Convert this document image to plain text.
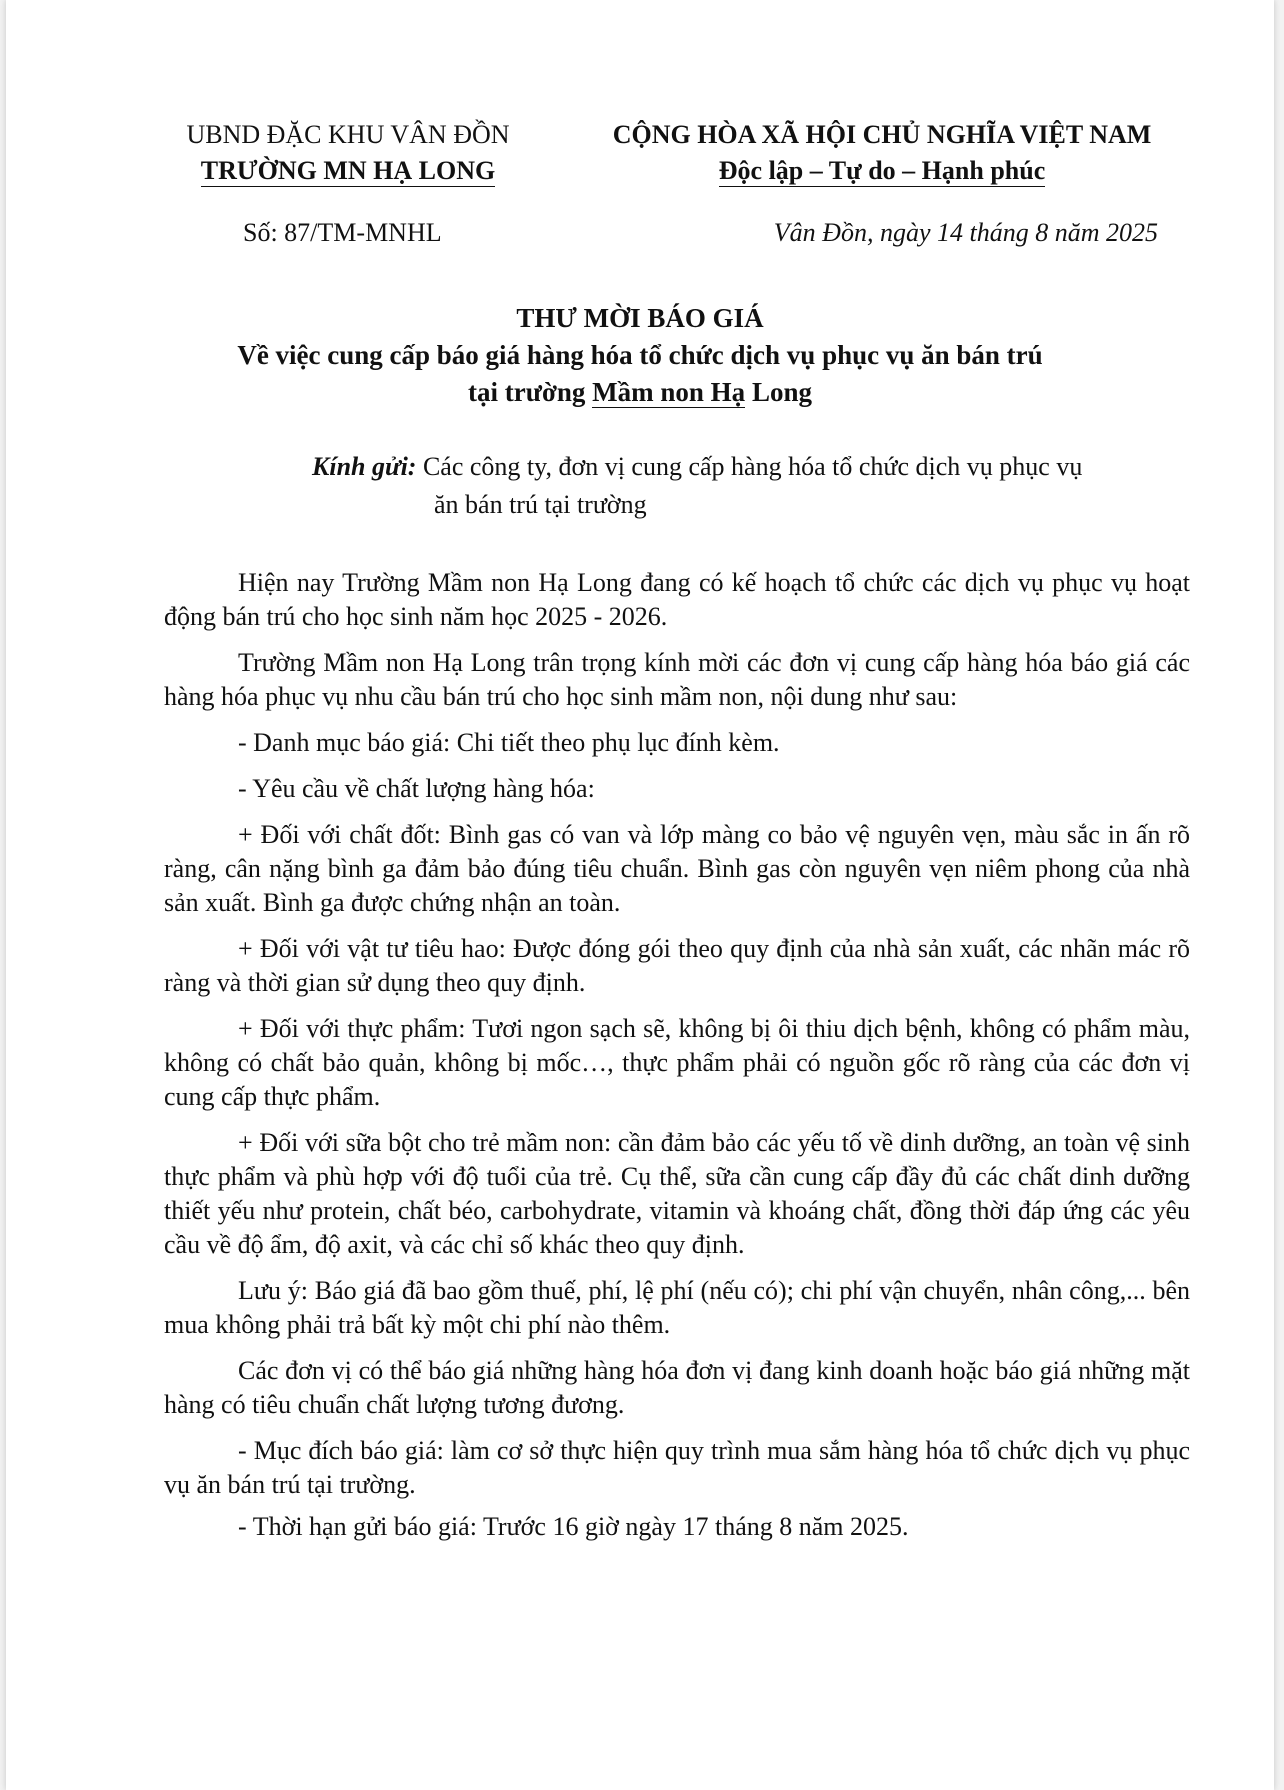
UBND ĐẶC KHU VÂN ĐỒN
TRƯỜNG MN HẠ LONG
CỘNG HÒA XÃ HỘI CHỦ NGHĨA VIỆT NAM
Độc lập – Tự do – Hạnh phúc
Số: 87/TM-MNHL	Vân Đồn, ngày 14 tháng 8 năm 2025
THƯ MỜI BÁO GIÁ
Về việc cung cấp báo giá hàng hóa tổ chức dịch vụ phục vụ ăn bán trú
tại trường Mầm non Hạ Long
Kính gửi: Các công ty, đơn vị cung cấp hàng hóa tổ chức dịch vụ phục vụ
ăn bán trú tại trường

Hiện nay Trường Mầm non Hạ Long đang có kế hoạch tổ chức các dịch vụ phục vụ hoạt động bán trú cho học sinh năm học 2025 - 2026.

Trường Mầm non Hạ Long trân trọng kính mời các đơn vị cung cấp hàng hóa báo giá các hàng hóa phục vụ nhu cầu bán trú cho học sinh mầm non, nội dung như sau:

- Danh mục báo giá: Chi tiết theo phụ lục đính kèm.

- Yêu cầu về chất lượng hàng hóa:

+ Đối với chất đốt: Bình gas có van và lớp màng co bảo vệ nguyên vẹn, màu sắc in ấn rõ ràng, cân nặng bình ga đảm bảo đúng tiêu chuẩn. Bình gas còn nguyên vẹn niêm phong của nhà sản xuất. Bình ga được chứng nhận an toàn.

+ Đối với vật tư tiêu hao: Được đóng gói theo quy định của nhà sản xuất, các nhãn mác rõ ràng và thời gian sử dụng theo quy định.

+ Đối với thực phẩm: Tươi ngon sạch sẽ, không bị ôi thiu dịch bệnh, không có phẩm màu, không có chất bảo quản, không bị mốc…, thực phẩm phải có nguồn gốc rõ ràng của các đơn vị cung cấp thực phẩm.

+ Đối với sữa bột cho trẻ mầm non: cần đảm bảo các yếu tố về dinh dưỡng, an toàn vệ sinh thực phẩm và phù hợp với độ tuổi của trẻ. Cụ thể, sữa cần cung cấp đầy đủ các chất dinh dưỡng thiết yếu như protein, chất béo, carbohydrate, vitamin và khoáng chất, đồng thời đáp ứng các yêu cầu về độ ẩm, độ axit, và các chỉ số khác theo quy định.

Lưu ý: Báo giá đã bao gồm thuế, phí, lệ phí (nếu có); chi phí vận chuyển, nhân công,... bên mua không phải trả bất kỳ một chi phí nào thêm.

Các đơn vị có thể báo giá những hàng hóa đơn vị đang kinh doanh hoặc báo giá những mặt hàng có tiêu chuẩn chất lượng tương đương.

- Mục đích báo giá: làm cơ sở thực hiện quy trình mua sắm hàng hóa tổ chức dịch vụ phục vụ ăn bán trú tại trường.

- Thời hạn gửi báo giá: Trước 16 giờ ngày 17 tháng 8 năm 2025.
